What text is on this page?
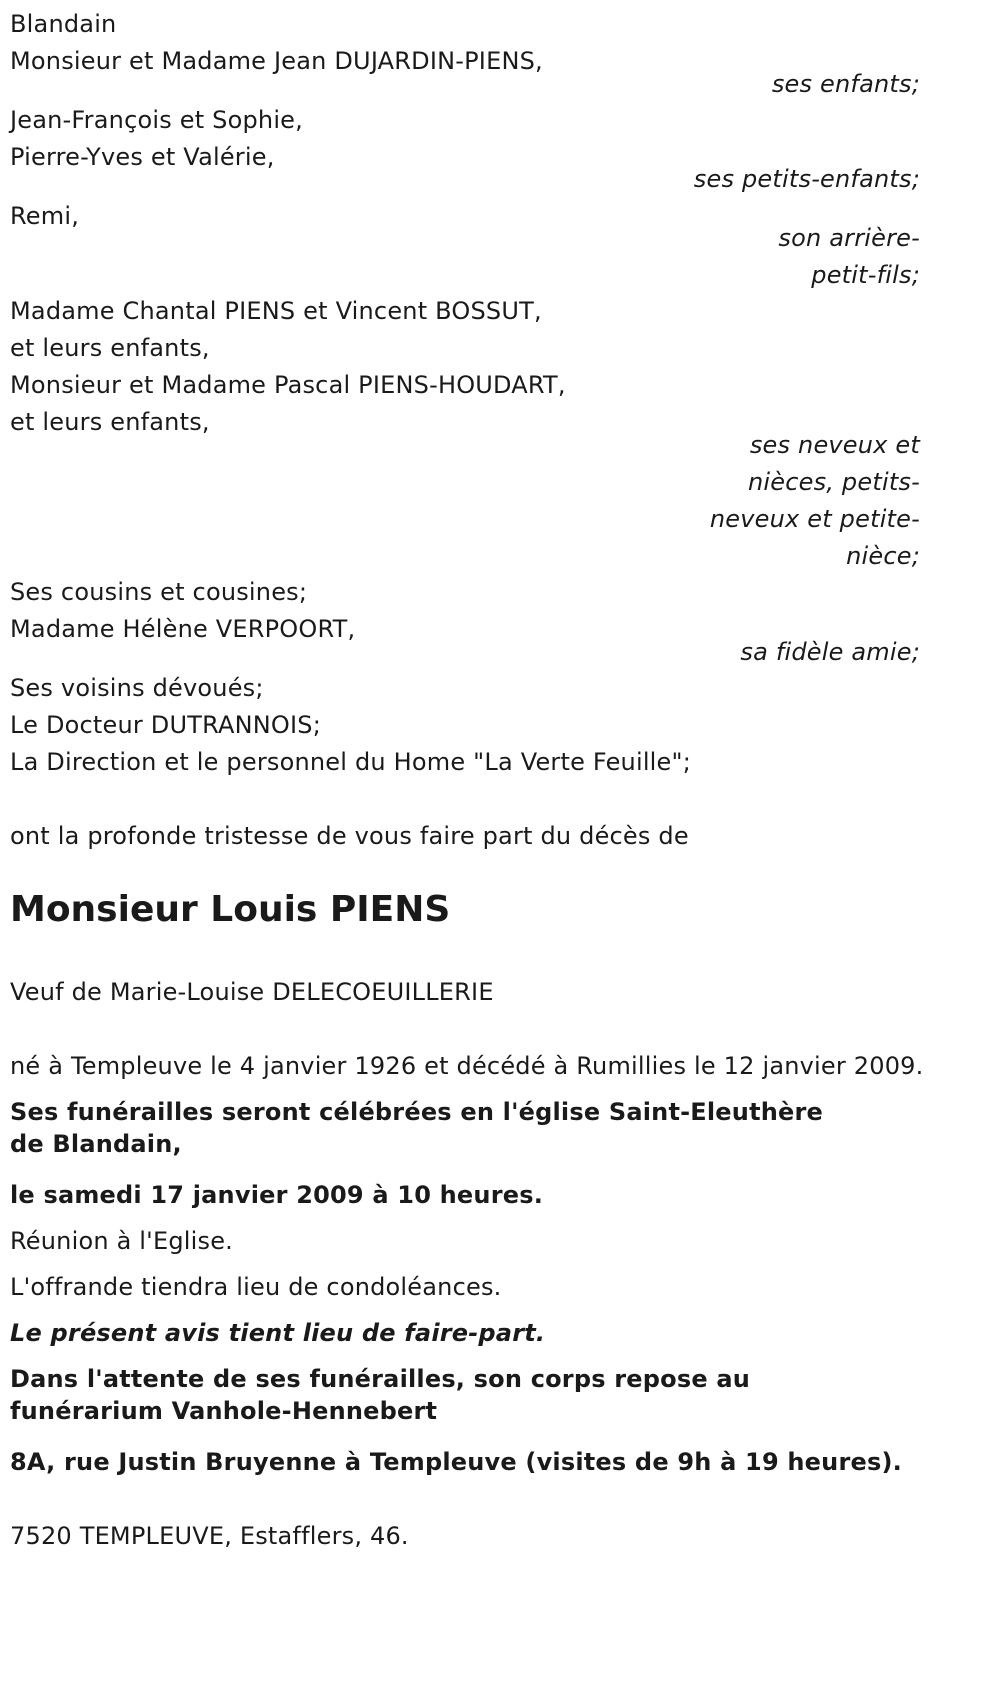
Blandain
Monsieur et Madame Jean DUJARDIN-PIENS,
ses enfants;
Jean-François et Sophie,
Pierre-Yves et Valérie,
ses petits-enfants;
Remi,
son arrière-
petit-fils;
Madame Chantal PIENS et Vincent BOSSUT,
et leurs enfants,
Monsieur et Madame Pascal PIENS-HOUDART,
et leurs enfants,
ses neveux et
nièces, petits-
neveux et petite-
nièce;
Ses cousins et cousines;
Madame Hélène VERPOORT,
sa fidèle amie;
Ses voisins dévoués;
Le Docteur DUTRANNOIS;
La Direction et le personnel du Home "La Verte Feuille";
ont la profonde tristesse de vous faire part du décès de
Monsieur Louis PIENS
Veuf de Marie-Louise DELECOEUILLERIE
né à Templeuve le 4 janvier 1926 et décédé à Rumillies le 12 janvier 2009.
Ses funérailles seront célébrées en l'église Saint-Eleuthère de Blandain,
le samedi 17 janvier 2009 à 10 heures.
Réunion à l'Eglise.
L'offrande tiendra lieu de condoléances.
Le présent avis tient lieu de faire-part.
Dans l'attente de ses funérailles, son corps repose au funérarium Vanhole-Hennebert
8A, rue Justin Bruyenne à Templeuve (visites de 9h à 19 heures).
7520 TEMPLEUVE, Estafflers, 46.
